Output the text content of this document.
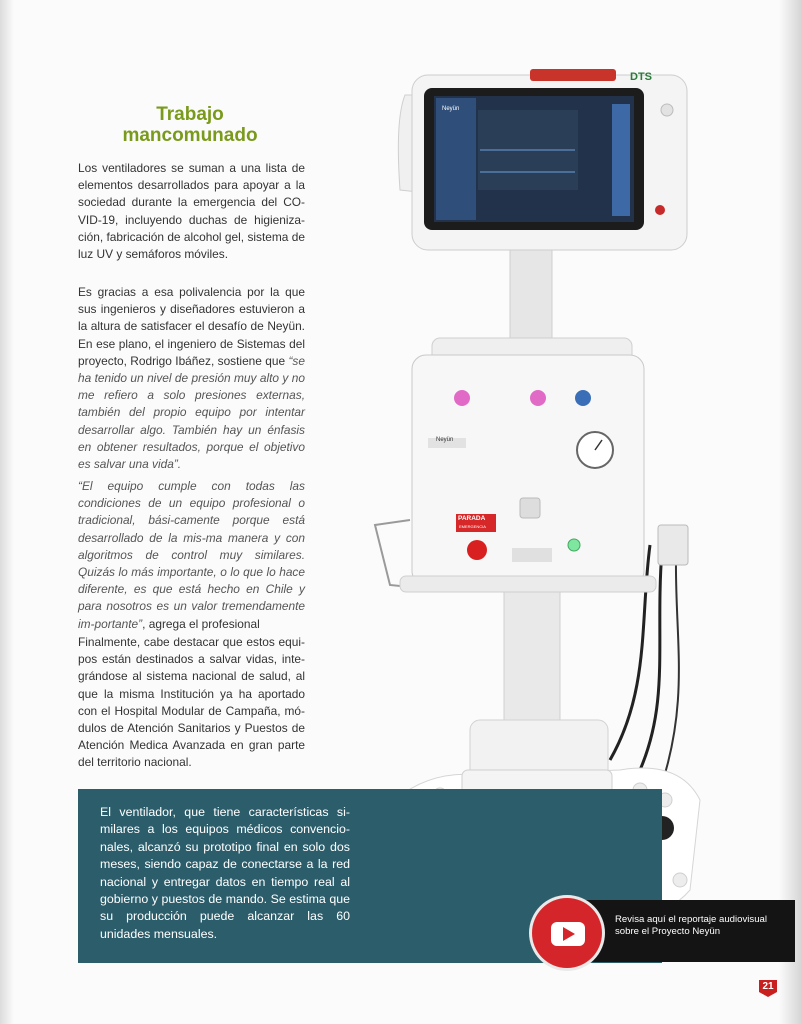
DTS
Neyün
Neyün
PARADA
EMERGENCIA
Trabajo
mancomunado
Los ventiladores se suman a una lista de elementos desarrollados para apoyar a la sociedad durante la emergencia del CO-VID-19, incluyendo duchas de higieniza-ción, fabricación de alcohol gel, sistema de luz UV y semáforos móviles.
Es gracias a esa polivalencia por la que sus ingenieros y diseñadores estuvieron a la altura de satisfacer el desafío de Neyün. En ese plano, el ingeniero de Sistemas del proyecto, Rodrigo Ibáñez, sostiene que “se ha tenido un nivel de presión muy alto y no me refiero a solo presiones externas, también del propio equipo por intentar desarrollar algo. También hay un énfasis en obtener resultados, porque el objetivo es salvar una vida”.
“El equipo cumple con todas las condiciones de un equipo profesional o tradicional, bási-camente porque está desarrollado de la mis-ma manera y con algoritmos de control muy similares. Quizás lo más importante, o lo que lo hace diferente, es que está hecho en Chile y para nosotros es un valor tremendamente im-portante”, agrega el profesional
Finalmente, cabe destacar que estos equi-pos están destinados a salvar vidas, inte-grándose al sistema nacional de salud, al que la misma Institución ya ha aportado con el Hospital Modular de Campaña, mó-dulos de Atención Sanitarios y Puestos de Atención Medica Avanzada en gran parte del territorio nacional.
El ventilador, que tiene características si-milares a los equipos médicos convencio-nales, alcanzó su prototipo final en solo dos meses, siendo capaz de conectarse a la red nacional y entregar datos en tiempo real al gobierno y puestos de mando. Se estima que su producción puede alcanzar las 60 unidades mensuales.
Revisa aquí el reportaje audiovisual sobre el Proyecto Neyün
21
